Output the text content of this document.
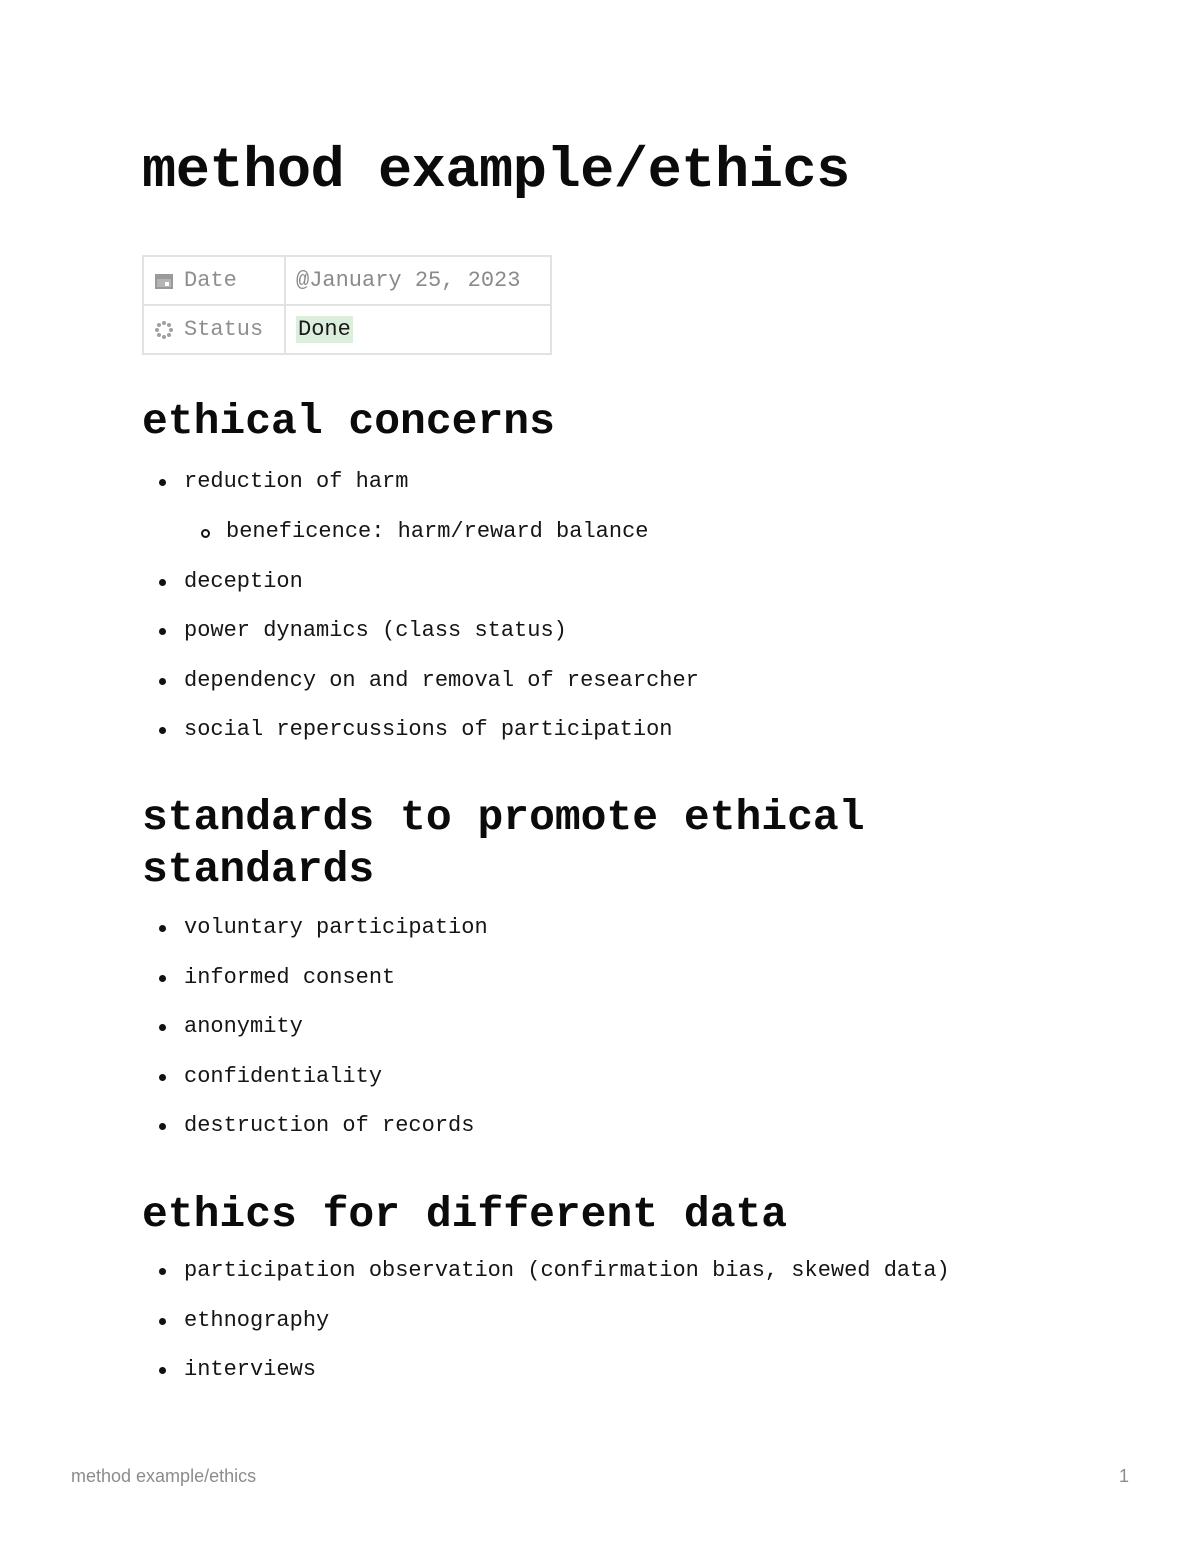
method example/ethics
Date	@January 25, 2023

Status	Done
ethical concerns
reduction of harm
beneficence: harm/reward balance
deception
power dynamics (class status)
dependency on and removal of researcher
social repercussions of participation
standards to promote ethical
standards
voluntary participation
informed consent
anonymity
confidentiality
destruction of records
ethics for different data
participation observation (confirmation bias, skewed data)
ethnography
interviews
method example/ethics	1
